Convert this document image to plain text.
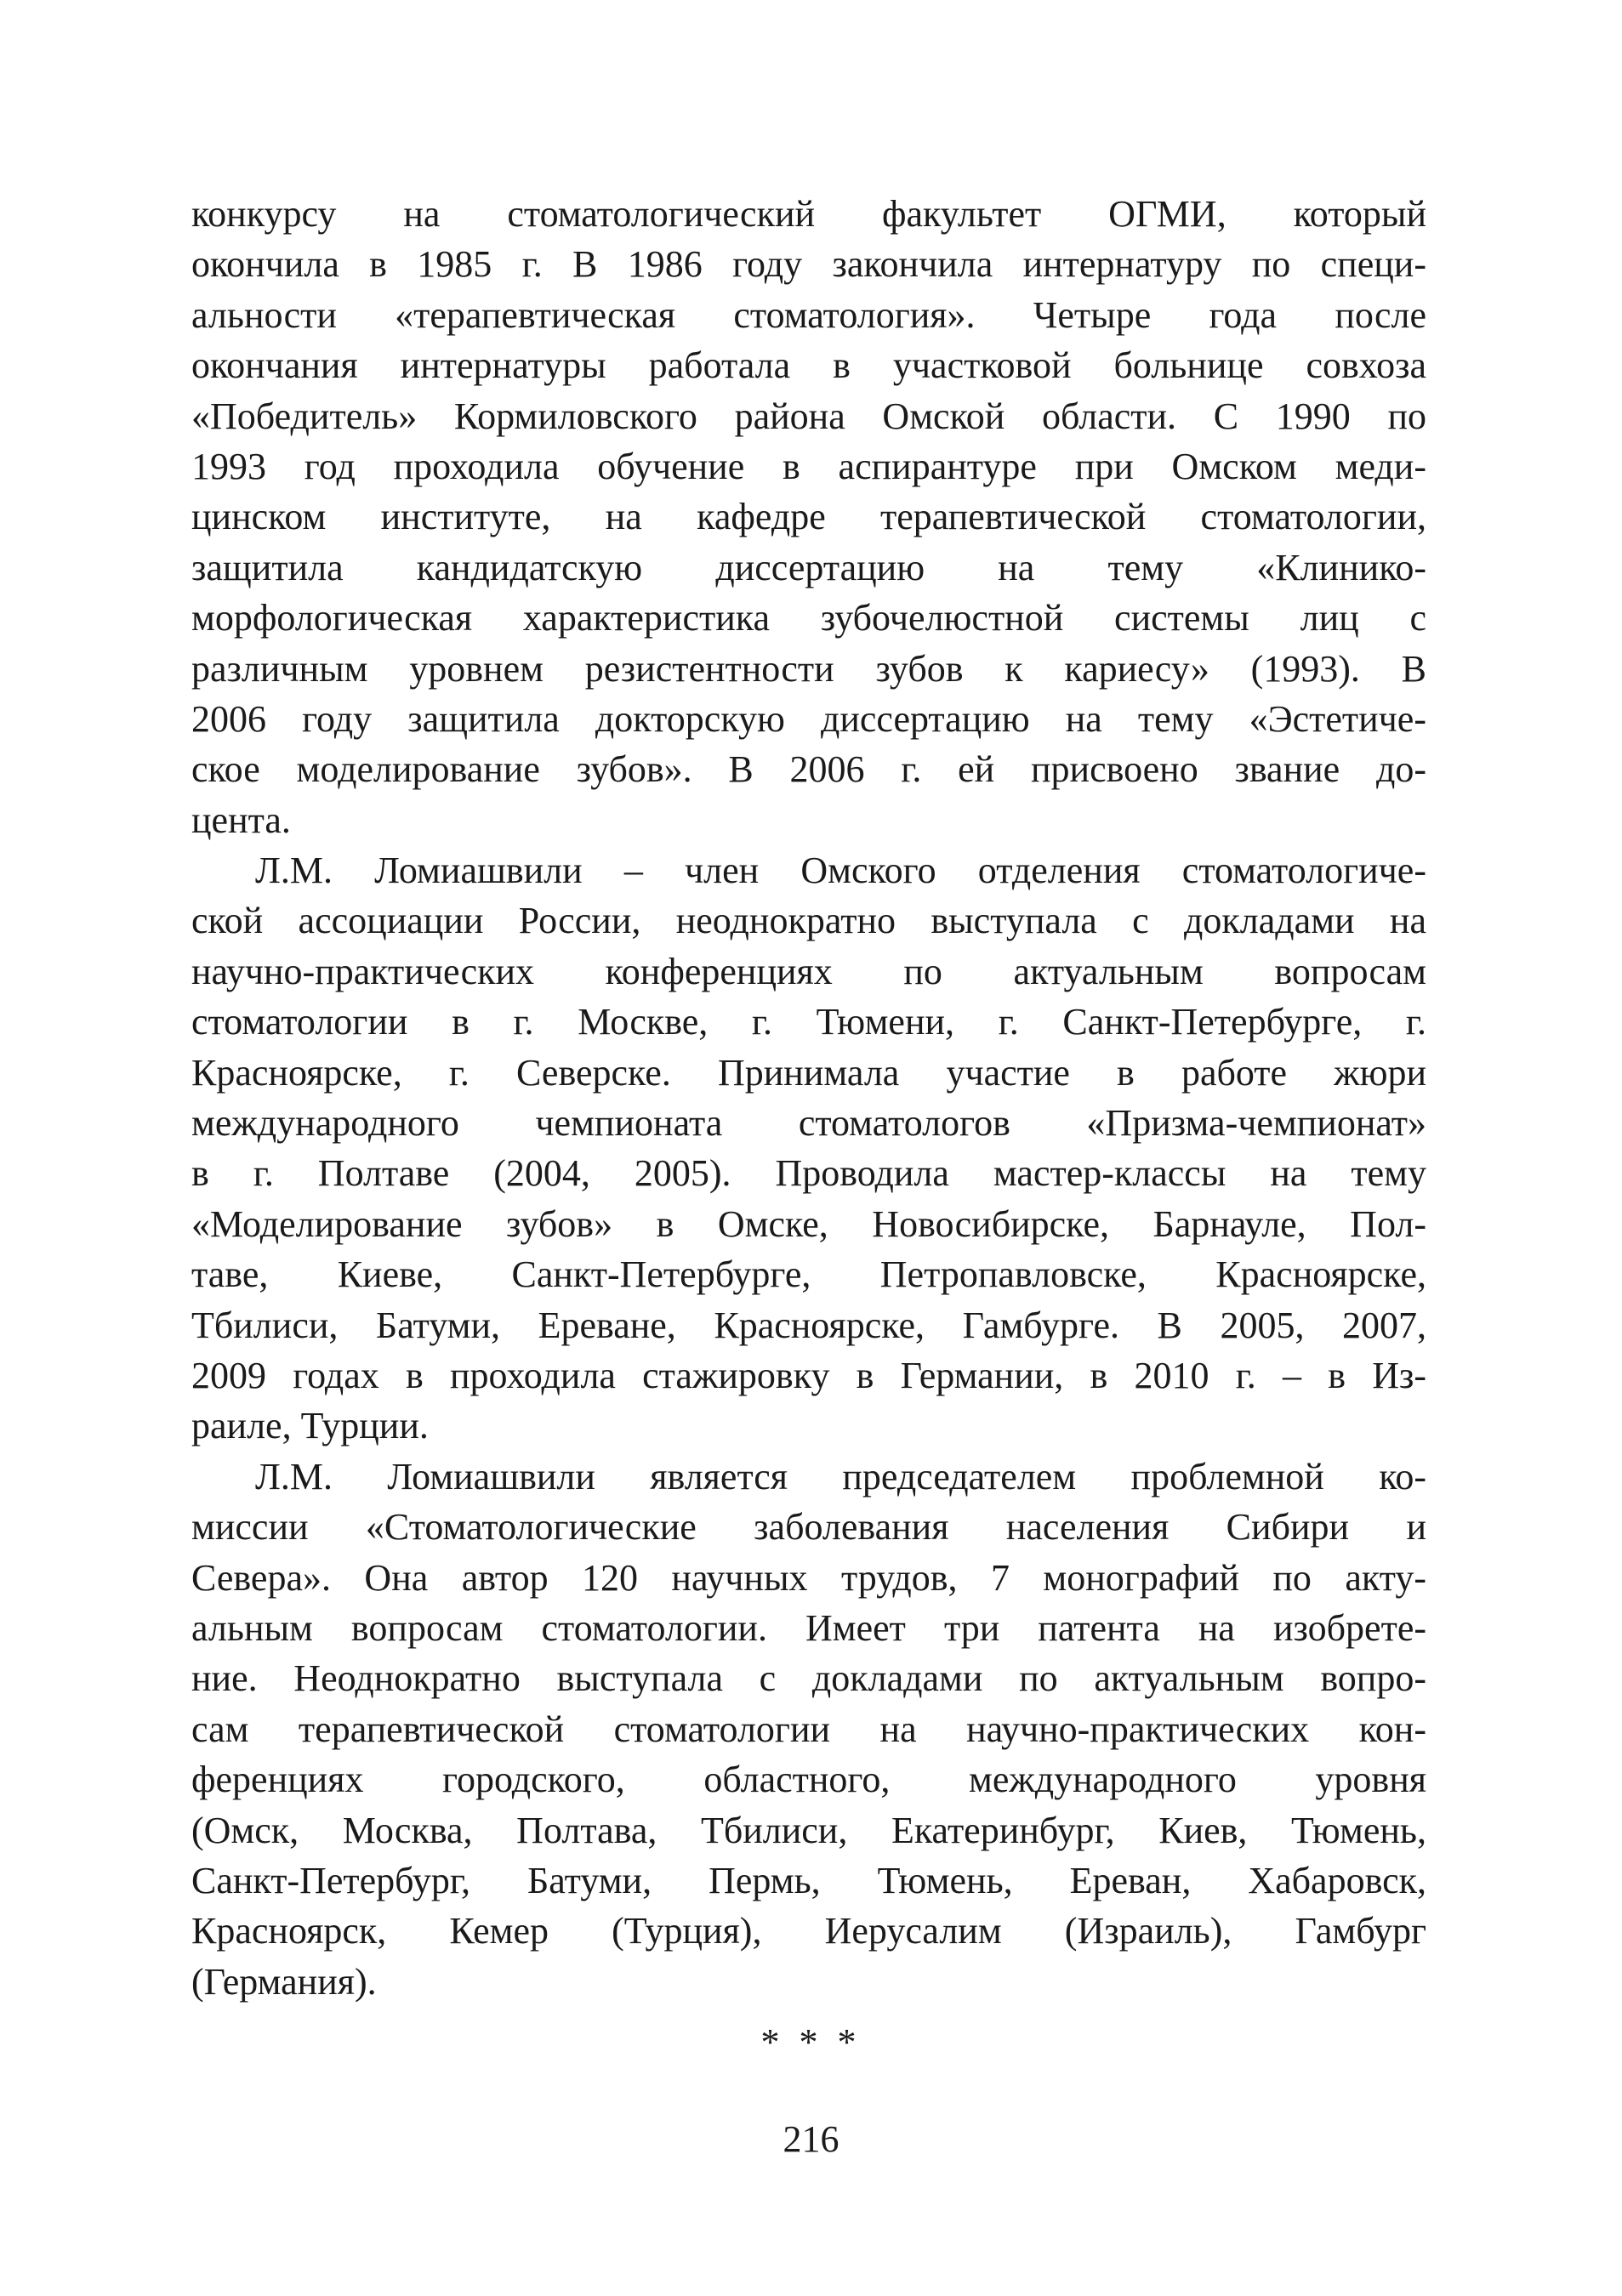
конкурсу на стоматологический факультет ОГМИ, который
окончила в 1985 г. В 1986 году закончила интернатуру по специ-
альности «терапевтическая стоматология». Четыре года после
окончания интернатуры работала в участковой больнице совхоза
«Победитель» Кормиловского района Омской области. С 1990 по
1993 год проходила обучение в аспирантуре при Омском меди-
цинском институте, на кафедре терапевтической стоматологии,
защитила кандидатскую диссертацию на тему «Клинико-
морфологическая характеристика зубочелюстной системы лиц с
различным уровнем резистентности зубов к кариесу» (1993). В
2006 году защитила докторскую диссертацию на тему «Эстетиче-
ское моделирование зубов». В 2006 г. ей присвоено звание до-
цента.
Л.М. Ломиашвили – член Омского отделения стоматологиче-
ской ассоциации России, неоднократно выступала с докладами на
научно-практических конференциях по актуальным вопросам
стоматологии в г. Москве, г. Тюмени, г. Санкт-Петербурге, г.
Красноярске, г. Северске. Принимала участие в работе жюри
международного чемпионата стоматологов «Призма-чемпионат»
в г. Полтаве (2004, 2005). Проводила мастер-классы на тему
«Моделирование зубов» в Омске, Новосибирске, Барнауле, Пол-
таве, Киеве, Санкт-Петербурге, Петропавловске, Красноярске,
Тбилиси, Батуми, Ереване, Красноярске, Гамбурге. В 2005, 2007,
2009 годах в проходила стажировку в Германии, в 2010 г. – в Из-
раиле, Турции.
Л.М. Ломиашвили является председателем проблемной ко-
миссии «Стоматологические заболевания населения Сибири и
Севера». Она автор 120 научных трудов, 7 монографий по акту-
альным вопросам стоматологии. Имеет три патента на изобрете-
ние. Неоднократно выступала с докладами по актуальным вопро-
сам терапевтической стоматологии на научно-практических кон-
ференциях городского, областного, международного уровня
(Омск, Москва, Полтава, Тбилиси, Екатеринбург, Киев, Тюмень,
Санкт-Петербург, Батуми, Пермь, Тюмень, Ереван, Хабаровск,
Красноярск, Кемер (Турция), Иерусалим (Израиль), Гамбург
(Германия).
* * *
216
